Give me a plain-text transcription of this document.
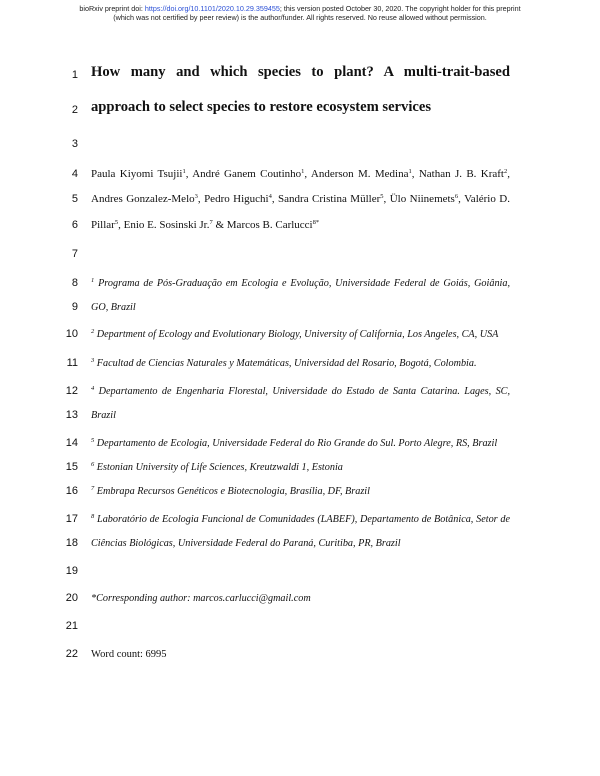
bioRxiv preprint doi: https://doi.org/10.1101/2020.10.29.359455; this version posted October 30, 2020. The copyright holder for this preprint
(which was not certified by peer review) is the author/funder. All rights reserved. No reuse allowed without permission.
1
2
3
4
5
6
7
8
9
10
11
12
13
14
15
16
17
18
19
20
21
22
How many and which species to plant? A multi-trait-based
approach to select species to restore ecosystem services
Paula Kiyomi Tsujii$^1$, André Ganem Coutinho$^1$, Anderson M. Medina$^1$, Nathan J. B. Kraft$^2$,
Andres Gonzalez-Melo$^3$, Pedro Higuchi$^4$, Sandra Cristina Müller$^5$, Ülo Niinemets$^6$, Valério D.
Pillar$^5$, Enio E. Sosinski Jr.$^7$ & Marcos B. Carlucci$^{8*}$
$^1$ Programa de Pós-Graduação em Ecologia e Evolução, Universidade Federal de Goiás, Goiânia,
GO, Brazil
$^2$ Department of Ecology and Evolutionary Biology, University of California, Los Angeles, CA, USA
$^3$ Facultad de Ciencias Naturales y Matemáticas, Universidad del Rosario, Bogotá, Colombia.
$^4$ Departamento de Engenharia Florestal, Universidade do Estado de Santa Catarina. Lages, SC,
Brazil
$^5$ Departamento de Ecologia, Universidade Federal do Rio Grande do Sul. Porto Alegre, RS, Brazil
$^6$ Estonian University of Life Sciences, Kreutzwaldi 1, Estonia
$^7$ Embrapa Recursos Genéticos e Biotecnologia, Brasília, DF, Brazil
$^8$ Laboratório de Ecologia Funcional de Comunidades (LABEF), Departamento de Botânica, Setor de
Ciências Biológicas, Universidade Federal do Paraná, Curitiba, PR, Brazil
*Corresponding author: marcos.carlucci@gmail.com
Word count: 6995
